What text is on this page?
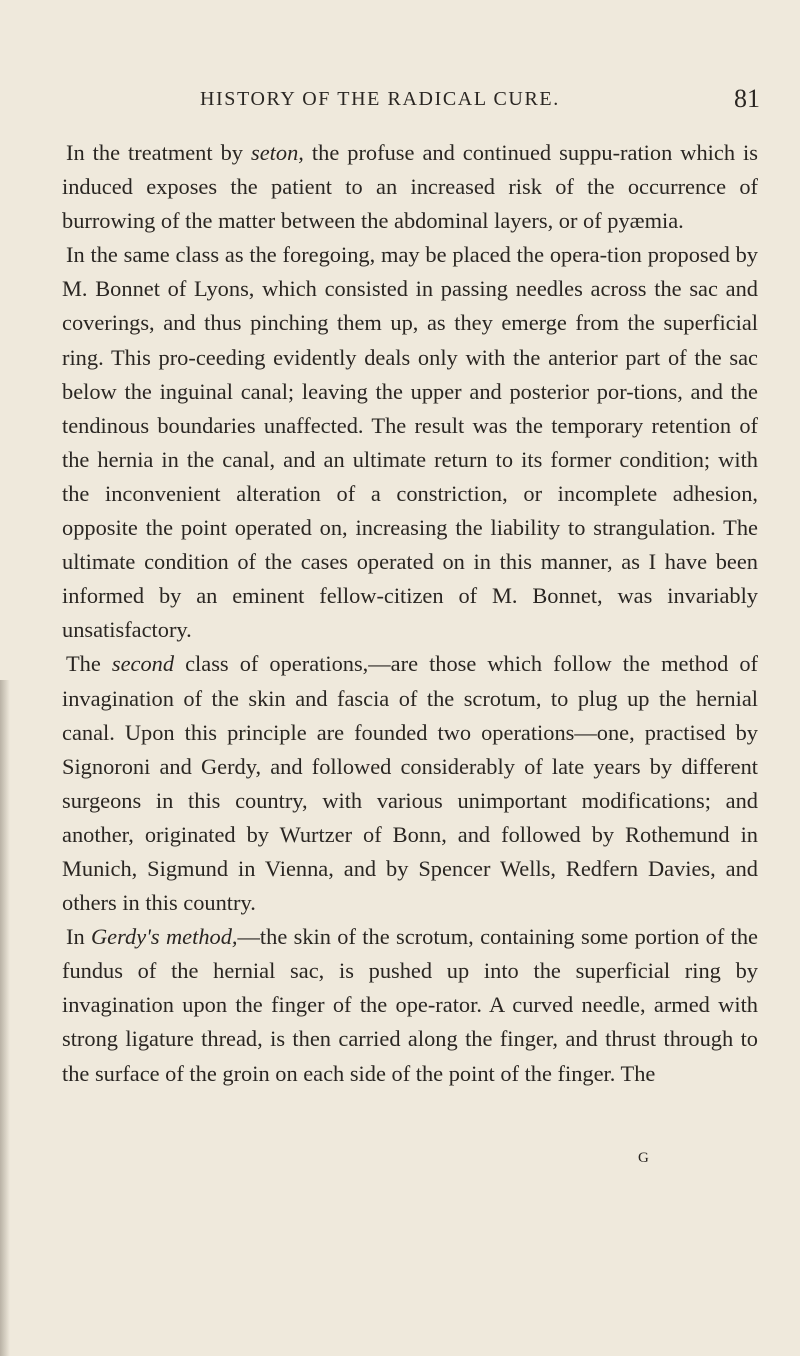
HISTORY OF THE RADICAL CURE.	81

In the treatment by seton, the profuse and continued suppu-ration which is induced exposes the patient to an increased risk of the occurrence of burrowing of the matter between the abdominal layers, or of pyæmia.

In the same class as the foregoing, may be placed the opera-tion proposed by M. Bonnet of Lyons, which consisted in passing needles across the sac and coverings, and thus pinching them up, as they emerge from the superficial ring. This pro-ceeding evidently deals only with the anterior part of the sac below the inguinal canal; leaving the upper and posterior por-tions, and the tendinous boundaries unaffected. The result was the temporary retention of the hernia in the canal, and an ultimate return to its former condition; with the inconvenient alteration of a constriction, or incomplete adhesion, opposite the point operated on, increasing the liability to strangulation. The ultimate condition of the cases operated on in this manner, as I have been informed by an eminent fellow-citizen of M. Bonnet, was invariably unsatisfactory.

The second class of operations,—are those which follow the method of invagination of the skin and fascia of the scrotum, to plug up the hernial canal. Upon this principle are founded two operations—one, practised by Signoroni and Gerdy, and followed considerably of late years by different surgeons in this country, with various unimportant modifications; and another, originated by Wurtzer of Bonn, and followed by Rothemund in Munich, Sigmund in Vienna, and by Spencer Wells, Redfern Davies, and others in this country.

In Gerdy's method,—the skin of the scrotum, containing some portion of the fundus of the hernial sac, is pushed up into the superficial ring by invagination upon the finger of the ope-rator. A curved needle, armed with strong ligature thread, is then carried along the finger, and thrust through to the surface of the groin on each side of the point of the finger. The

G
